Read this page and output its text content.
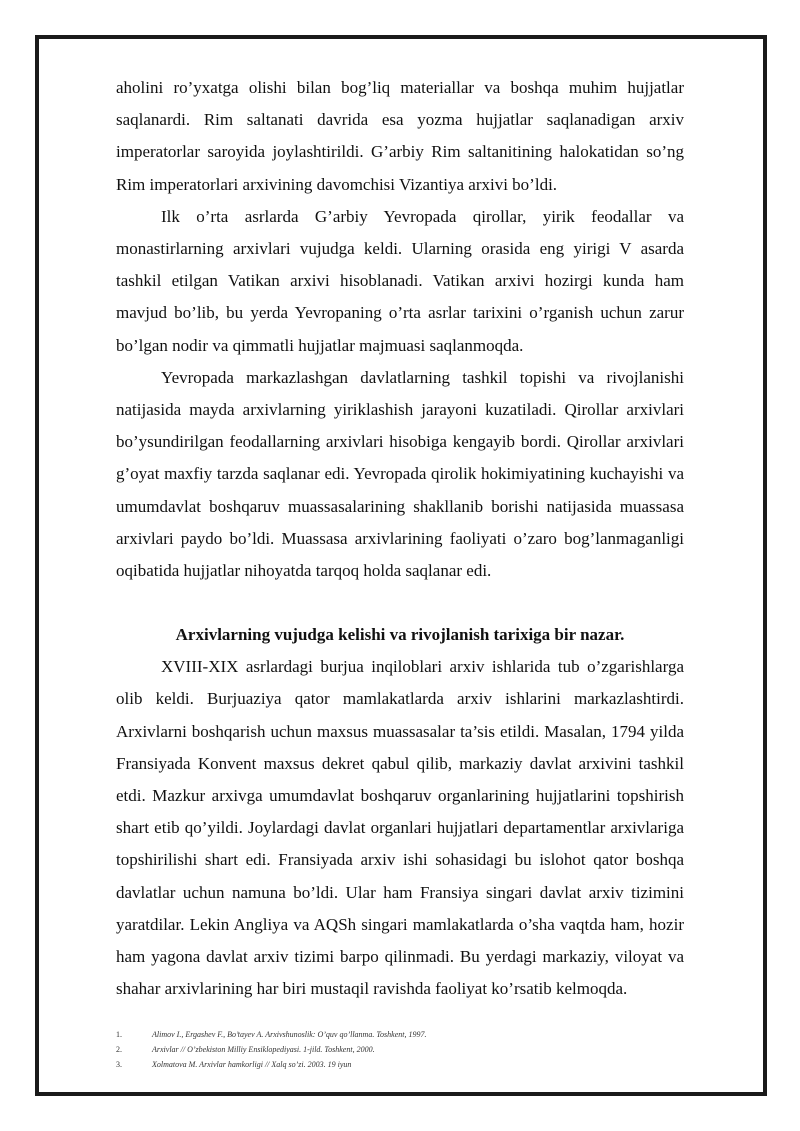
aholini ro’yxatga olishi bilan bog’liq materiallar va boshqa muhim hujjatlar saqlanardi. Rim saltanati davrida esa yozma hujjatlar saqlanadigan arxiv imperatorlar saroyida joylashtirildi. G’arbiy Rim saltanitining halokatidan so’ng Rim imperatorlari arxivining davomchisi Vizantiya arxivi bo’ldi.

Ilk o’rta asrlarda G’arbiy Yevropada qirollar, yirik feodallar va monastirlarning arxivlari vujudga keldi. Ularning orasida eng yirigi V asarda tashkil etilgan Vatikan arxivi hisoblanadi. Vatikan arxivi hozirgi kunda ham mavjud bo’lib, bu yerda Yevropaning o’rta asrlar tarixini o’rganish uchun zarur bo’lgan nodir va qimmatli hujjatlar majmuasi saqlanmoqda.

Yevropada markazlashgan davlatlarning tashkil topishi va rivojlanishi natijasida mayda arxivlarning yiriklashish jarayoni kuzatiladi. Qirollar arxivlari bo’ysundirilgan feodallarning arxivlari hisobiga kengayib bordi. Qirollar arxivlari g’oyat maxfiy tarzda saqlanar edi. Yevropada qirolik hokimiyatining kuchayishi va umumdavlat boshqaruv muassasalarining shakllanib borishi natijasida muassasa arxivlari paydo bo’ldi. Muassasa arxivlarining faoliyati o’zaro bog’lanmaganligi oqibatida hujjatlar nihoyatda tarqoq holda saqlanar edi.

Arxivlarning vujudga kelishi va rivojlanish tarixiga bir nazar.

XVIII-XIX asrlardagi burjua inqiloblari arxiv ishlarida tub o’zgarishlarga olib keldi. Burjuaziya qator mamlakatlarda arxiv ishlarini markazlashtirdi. Arxivlarni boshqarish uchun maxsus muassasalar ta’sis etildi. Masalan, 1794 yilda Fransiyada Konvent maxsus dekret qabul qilib, markaziy davlat arxivini tashkil etdi. Mazkur arxivga umumdavlat boshqaruv organlarining hujjatlarini topshirish shart etib qo’yildi. Joylardagi davlat organlari hujjatlari departamentlar arxivlariga topshirilishi shart edi. Fransiyada arxiv ishi sohasidagi bu islohot qator boshqa davlatlar uchun namuna bo’ldi. Ular ham Fransiya singari davlat arxiv tizimini yaratdilar. Lekin Angliya va AQSh singari mamlakatlarda o’sha vaqtda ham, hozir ham yagona davlat arxiv tizimi barpo qilinmadi. Bu yerdagi markaziy, viloyat va shahar arxivlarining har biri mustaqil ravishda faoliyat ko’rsatib kelmoqda.

1.	Alimov I., Ergashev F., Bo’tayev A. Arxivshunoslik: O’quv qo’llanma. Toshkent, 1997.
2.	Arxivlar // O’zbekiston Milliy Ensiklopediyasi. 1-jild. Toshkent, 2000.
3.	Xolmatova M. Arxivlar hamkorligi // Xalq so’zi. 2003. 19 iyun
